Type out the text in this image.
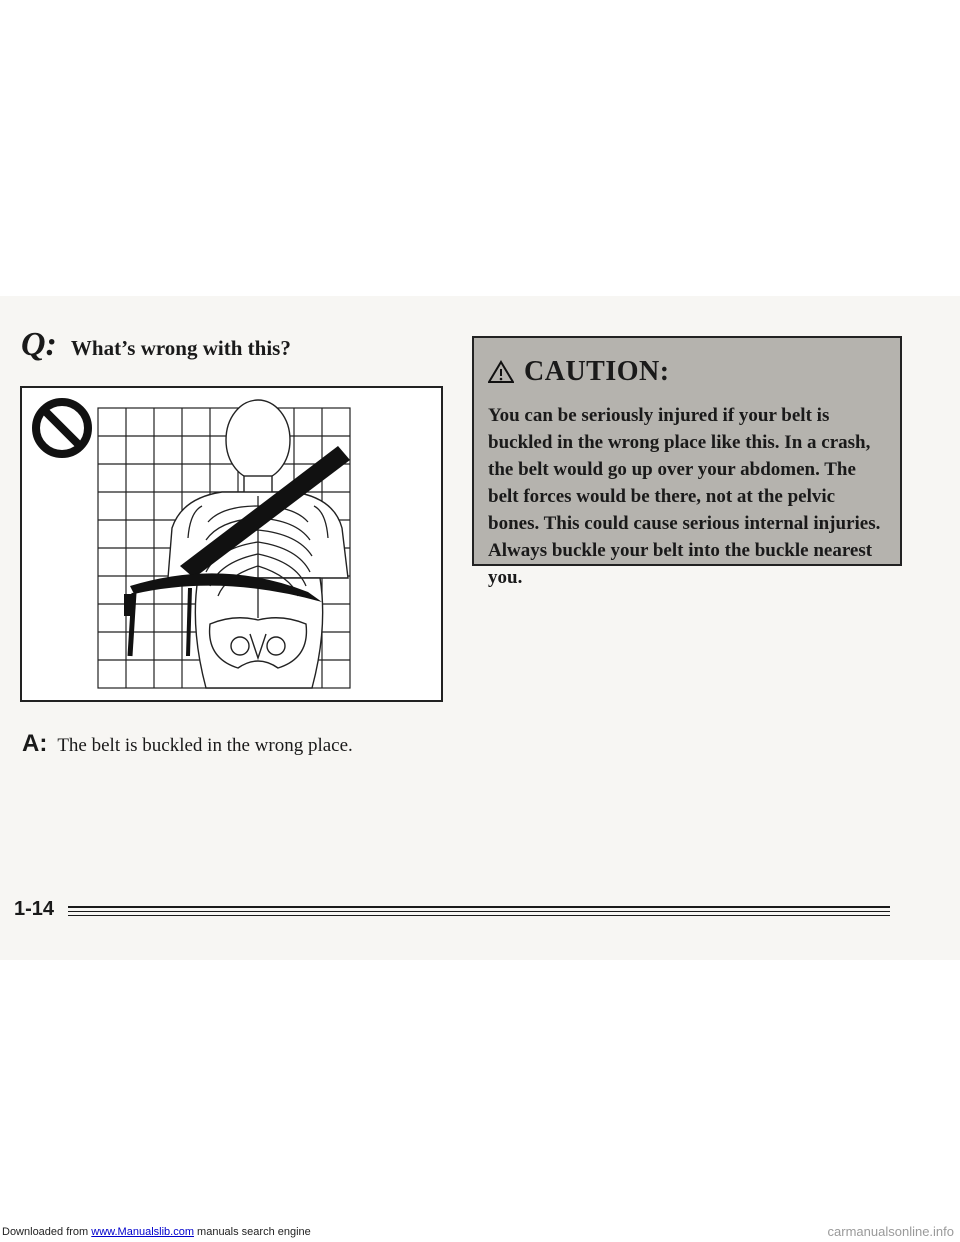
Q: What’s wrong with this?
A: The belt is buckled in the wrong place.
CAUTION:
You can be seriously injured if your belt is
buckled in the wrong place like this. In a crash,
the belt would go up over your abdomen. The
belt forces would be there, not at the pelvic
bones. This could cause serious internal injuries.
Always buckle your belt into the buckle nearest
you.
1-14
Downloaded from www.Manualslib.com manuals search engine	carmanualsonline.info
